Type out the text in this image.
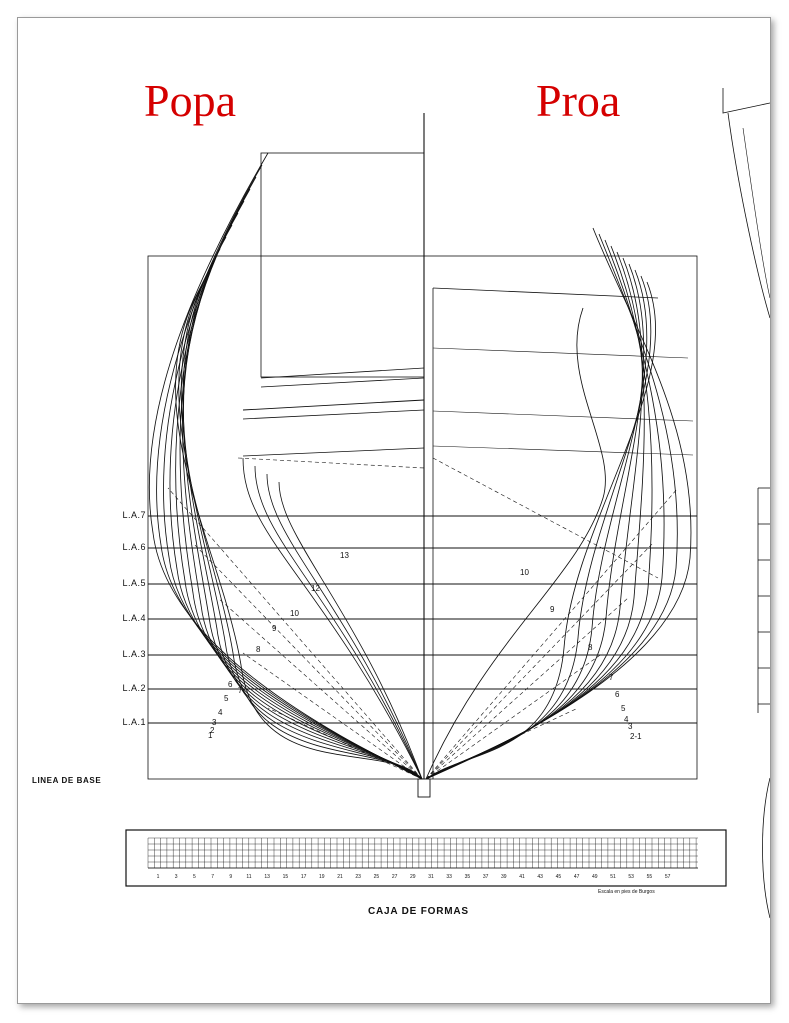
Popa	Proa
L.A.7
L.A.6
L.A.5
L.A.4
L.A.3
L.A.2
L.A.1
LINEA DE BASE
13
12
10
9
8
7
6
5
4
3
2
1
10
9
8
7
6
5
4
3
2-1
1	3	5	7	9	11	13	15	17	19	21	23	25	27	29	31	33	35	37	39	41	43	45	47	49	51	53	55	57
Escala en pies de Burgos
CAJA DE FORMAS
